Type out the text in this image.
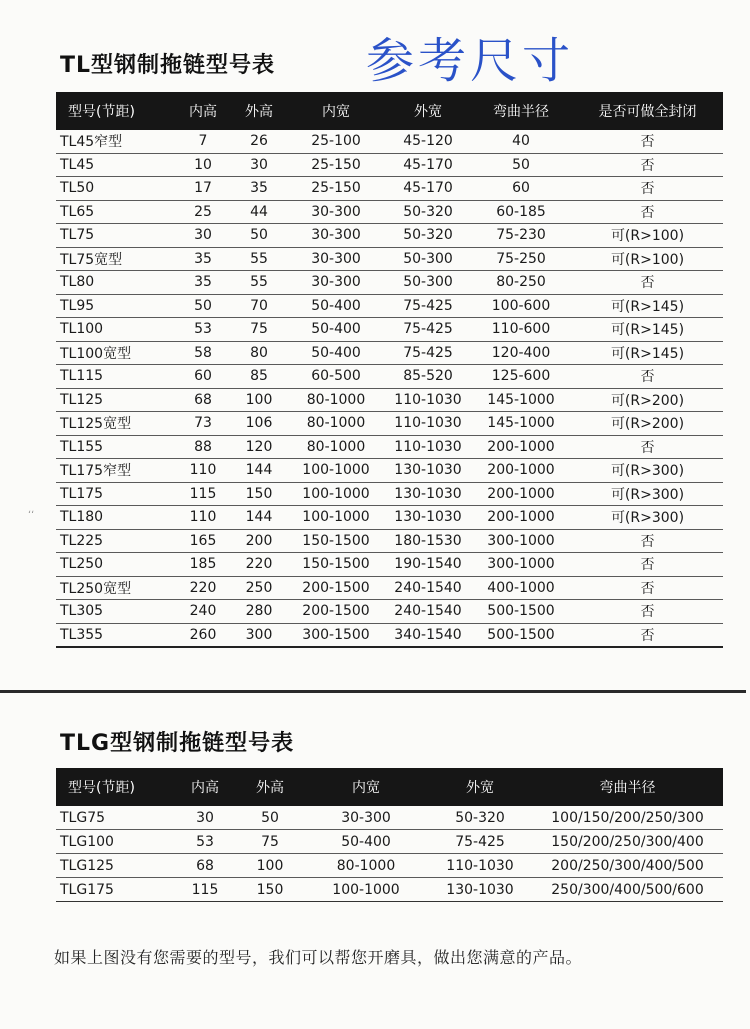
TL型钢制拖链型号表 参考尺寸
型号(节距)	内高	外高	内宽	外宽	弯曲半径	是否可做全封闭
TL45窄型	7	26	25-100	45-120	40	否
TL45	10	30	25-150	45-170	50	否
TL50	17	35	25-150	45-170	60	否
TL65	25	44	30-300	50-320	60-185	否
TL75	30	50	30-300	50-320	75-230	可(R>100)
TL75宽型	35	55	30-300	50-300	75-250	可(R>100)
TL80	35	55	30-300	50-300	80-250	否
TL95	50	70	50-400	75-425	100-600	可(R>145)
TL100	53	75	50-400	75-425	110-600	可(R>145)
TL100宽型	58	80	50-400	75-425	120-400	可(R>145)
TL115	60	85	60-500	85-520	125-600	否
TL125	68	100	80-1000	110-1030	145-1000	可(R>200)
TL125宽型	73	106	80-1000	110-1030	145-1000	可(R>200)
TL155	88	120	80-1000	110-1030	200-1000	否
TL175窄型	110	144	100-1000	130-1030	200-1000	可(R>300)
TL175	115	150	100-1000	130-1030	200-1000	可(R>300)
TL180	110	144	100-1000	130-1030	200-1000	可(R>300)
TL225	165	200	150-1500	180-1530	300-1000	否
TL250	185	220	150-1500	190-1540	300-1000	否
TL250宽型	220	250	200-1500	240-1540	400-1000	否
TL305	240	280	200-1500	240-1540	500-1500	否
TL355	260	300	300-1500	340-1540	500-1500	否
ʻʻ
TLG型钢制拖链型号表
型号(节距)	内高	外高	内宽	外宽	弯曲半径
TLG75	30	50	30-300	50-320	100/150/200/250/300
TLG100	53	75	50-400	75-425	150/200/250/300/400
TLG125	68	100	80-1000	110-1030	200/250/300/400/500
TLG175	115	150	100-1000	130-1030	250/300/400/500/600
如果上图没有您需要的型号，我们可以帮您开磨具，做出您满意的产品。
